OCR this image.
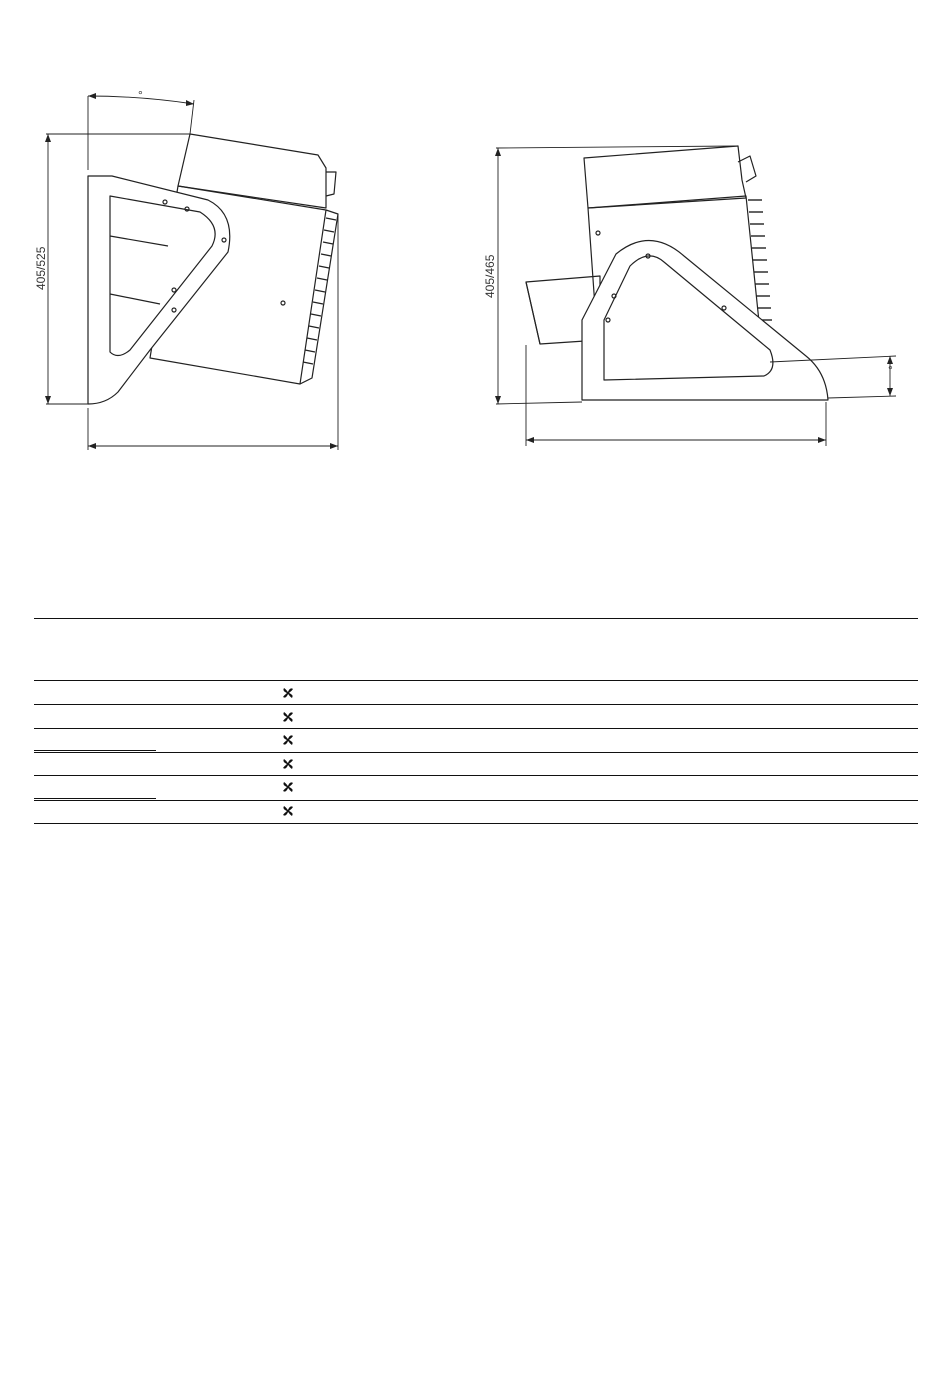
405/525
°
405/465
°
